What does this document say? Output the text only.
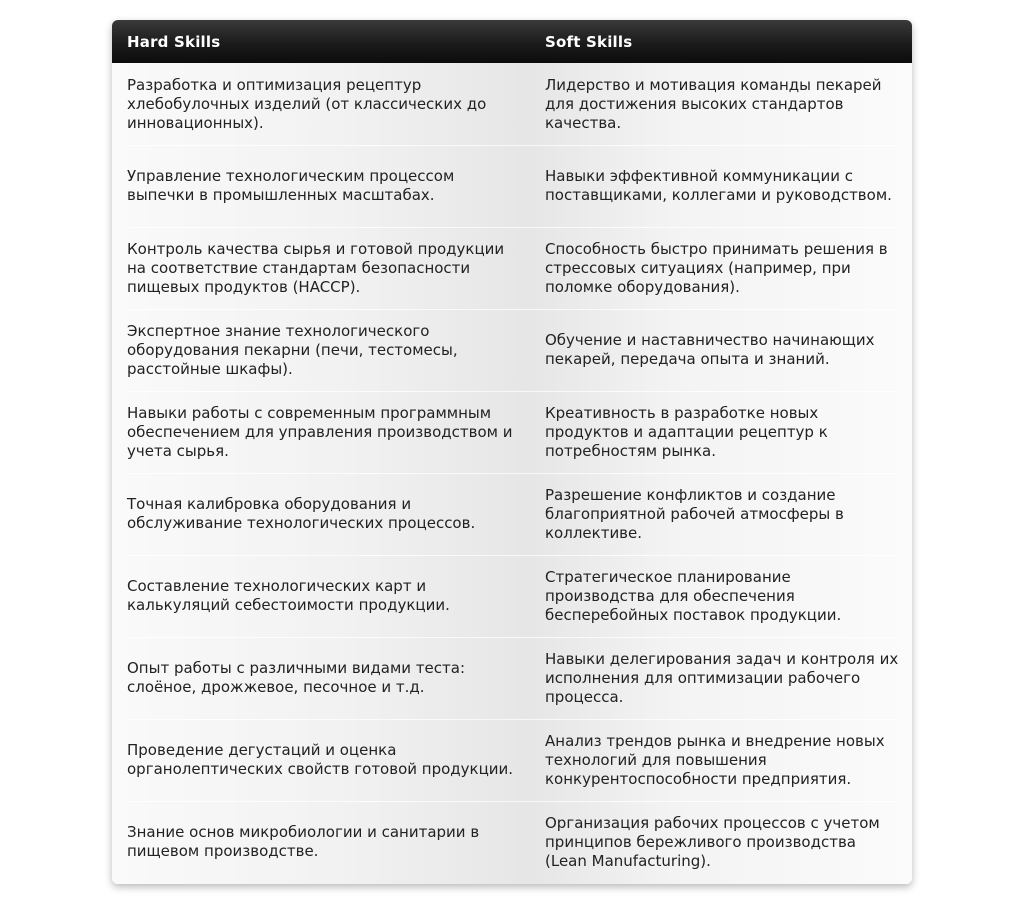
Hard Skills	Soft Skills
Разработка и оптимизация рецептур хлебобулочных изделий (от классических до инновационных).
Лидерство и мотивация команды пекарей для достижения высоких стандартов качества.
Управление технологическим процессом выпечки в промышленных масштабах.
Навыки эффективной коммуникации с поставщиками, коллегами и руководством.
Контроль качества сырья и готовой продукции на соответствие стандартам безопасности пищевых продуктов (HACCP).
Способность быстро принимать решения в стрессовых ситуациях (например, при поломке оборудования).
Экспертное знание технологического оборудования пекарни (печи, тестомесы, расстойные шкафы).
Обучение и наставничество начинающих пекарей, передача опыта и знаний.
Навыки работы с современным программным обеспечением для управления производством и учета сырья.
Креативность в разработке новых продуктов и адаптации рецептур к потребностям рынка.
Точная калибровка оборудования и обслуживание технологических процессов.
Разрешение конфликтов и создание благоприятной рабочей атмосферы в коллективе.
Составление технологических карт и калькуляций себестоимости продукции.
Стратегическое планирование производства для обеспечения бесперебойных поставок продукции.
Опыт работы с различными видами теста: слоёное, дрожжевое, песочное и т.д.
Навыки делегирования задач и контроля их исполнения для оптимизации рабочего процесса.
Проведение дегустаций и оценка органолептических свойств готовой продукции.
Анализ трендов рынка и внедрение новых технологий для повышения конкурентоспособности предприятия.
Знание основ микробиологии и санитарии в пищевом производстве.
Организация рабочих процессов с учетом принципов бережливого производства (Lean Manufacturing).
